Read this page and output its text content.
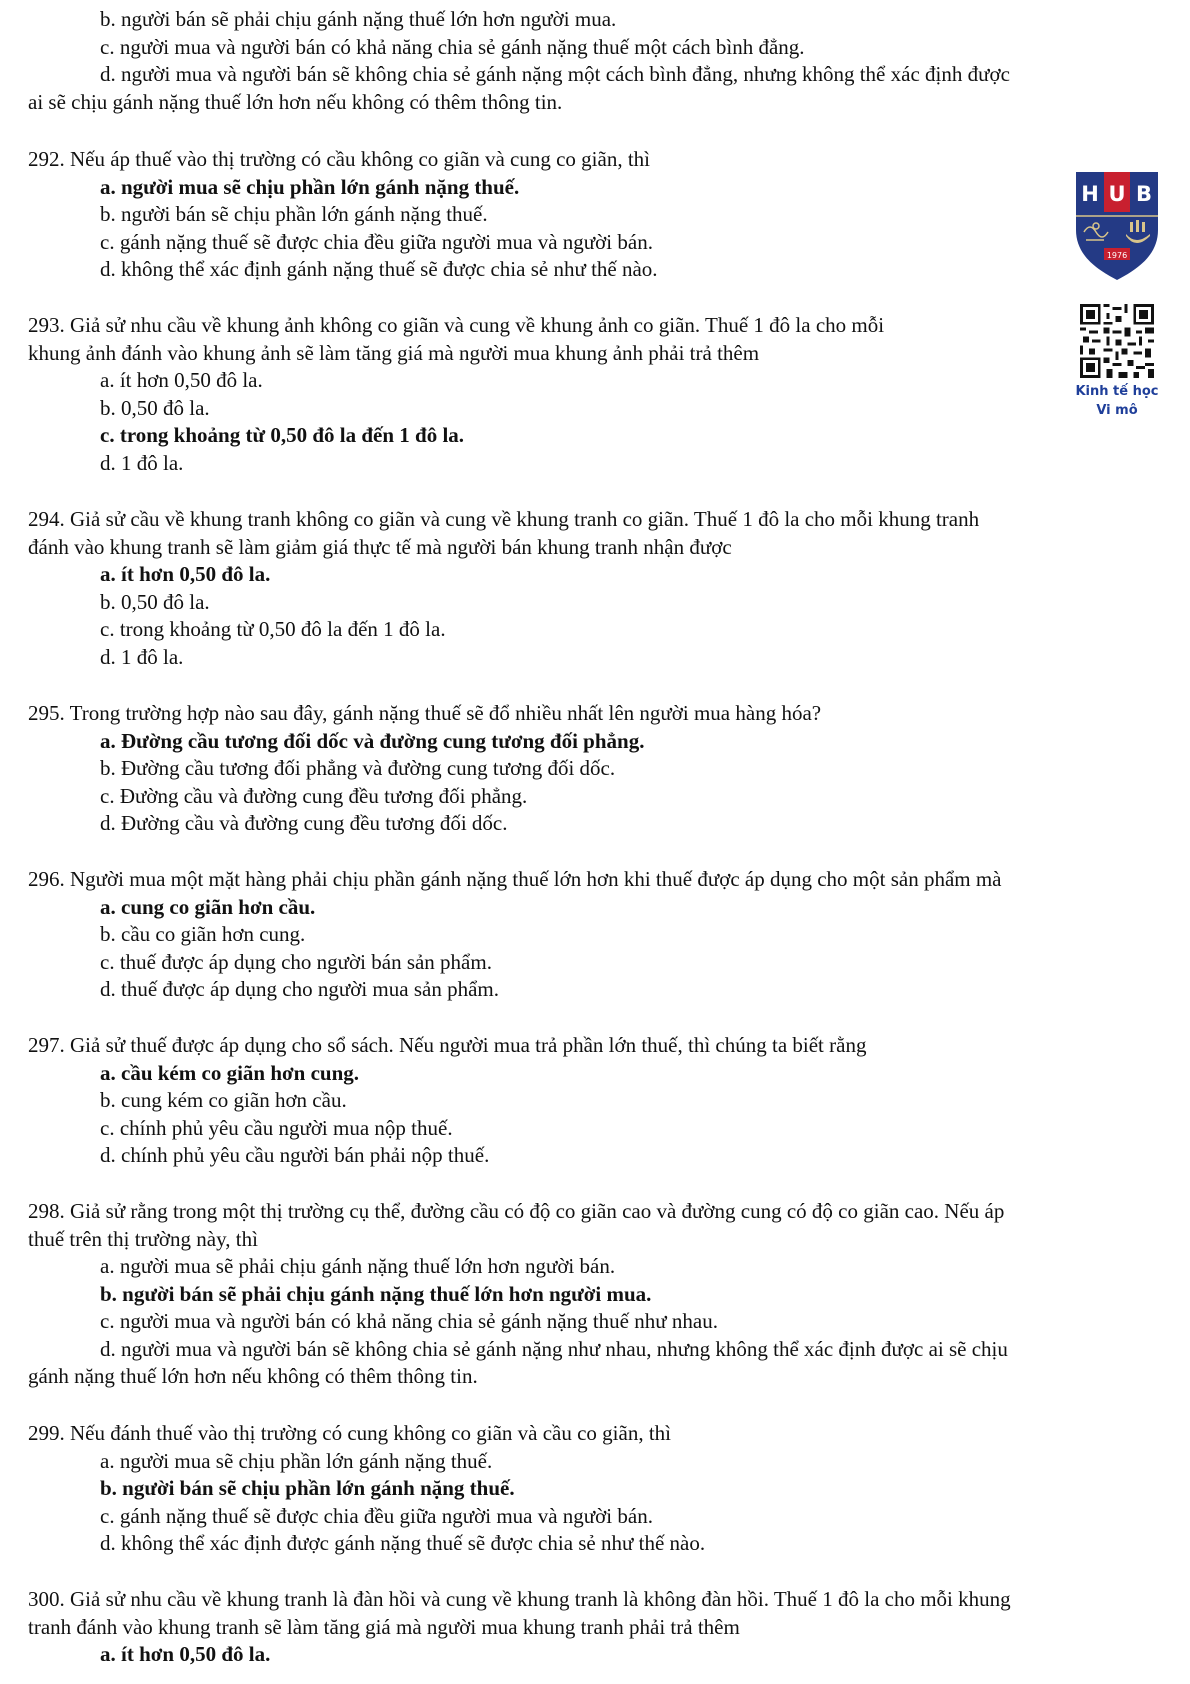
b. người bán sẽ phải chịu gánh nặng thuế lớn hơn người mua.

c. người mua và người bán có khả năng chia sẻ gánh nặng thuế một cách bình đẳng.

d. người mua và người bán sẽ không chia sẻ gánh nặng một cách bình đẳng, nhưng không thể xác định được

ai sẽ chịu gánh nặng thuế lớn hơn nếu không có thêm thông tin.

292. Nếu áp thuế vào thị trường có cầu không co giãn và cung co giãn, thì

a. người mua sẽ chịu phần lớn gánh nặng thuế.

b. người bán sẽ chịu phần lớn gánh nặng thuế.

c. gánh nặng thuế sẽ được chia đều giữa người mua và người bán.

d. không thể xác định gánh nặng thuế sẽ được chia sẻ như thế nào.

293. Giả sử nhu cầu về khung ảnh không co giãn và cung về khung ảnh co giãn. Thuế 1 đô la cho mỗi

khung ảnh đánh vào khung ảnh sẽ làm tăng giá mà người mua khung ảnh phải trả thêm

a. ít hơn 0,50 đô la.

b. 0,50 đô la.

c. trong khoảng từ 0,50 đô la đến 1 đô la.

d. 1 đô la.

294. Giả sử cầu về khung tranh không co giãn và cung về khung tranh co giãn. Thuế 1 đô la cho mỗi khung tranh

đánh vào khung tranh sẽ làm giảm giá thực tế mà người bán khung tranh nhận được

a. ít hơn 0,50 đô la.

b. 0,50 đô la.

c. trong khoảng từ 0,50 đô la đến 1 đô la.

d. 1 đô la.

295. Trong trường hợp nào sau đây, gánh nặng thuế sẽ đổ nhiều nhất lên người mua hàng hóa?

a. Đường cầu tương đối dốc và đường cung tương đối phẳng.

b. Đường cầu tương đối phẳng và đường cung tương đối dốc.

c. Đường cầu và đường cung đều tương đối phẳng.

d. Đường cầu và đường cung đều tương đối dốc.

296. Người mua một mặt hàng phải chịu phần gánh nặng thuế lớn hơn khi thuế được áp dụng cho một sản phẩm mà

a. cung co giãn hơn cầu.

b. cầu co giãn hơn cung.

c. thuế được áp dụng cho người bán sản phẩm.

d. thuế được áp dụng cho người mua sản phẩm.

297. Giả sử thuế được áp dụng cho sổ sách. Nếu người mua trả phần lớn thuế, thì chúng ta biết rằng

a. cầu kém co giãn hơn cung.

b. cung kém co giãn hơn cầu.

c. chính phủ yêu cầu người mua nộp thuế.

d. chính phủ yêu cầu người bán phải nộp thuế.

298. Giả sử rằng trong một thị trường cụ thể, đường cầu có độ co giãn cao và đường cung có độ co giãn cao. Nếu áp

thuế trên thị trường này, thì

a. người mua sẽ phải chịu gánh nặng thuế lớn hơn người bán.

b. người bán sẽ phải chịu gánh nặng thuế lớn hơn người mua.

c. người mua và người bán có khả năng chia sẻ gánh nặng thuế như nhau.

d. người mua và người bán sẽ không chia sẻ gánh nặng như nhau, nhưng không thể xác định được ai sẽ chịu

gánh nặng thuế lớn hơn nếu không có thêm thông tin.

299. Nếu đánh thuế vào thị trường có cung không co giãn và cầu co giãn, thì

a. người mua sẽ chịu phần lớn gánh nặng thuế.

b. người bán sẽ chịu phần lớn gánh nặng thuế.

c. gánh nặng thuế sẽ được chia đều giữa người mua và người bán.

d. không thể xác định được gánh nặng thuế sẽ được chia sẻ như thế nào.

300. Giả sử nhu cầu về khung tranh là đàn hồi và cung về khung tranh là không đàn hồi. Thuế 1 đô la cho mỗi khung

tranh đánh vào khung tranh sẽ làm tăng giá mà người mua khung tranh phải trả thêm

a. ít hơn 0,50 đô la.

H U B
1976
Kinh tế học
Vi mô
